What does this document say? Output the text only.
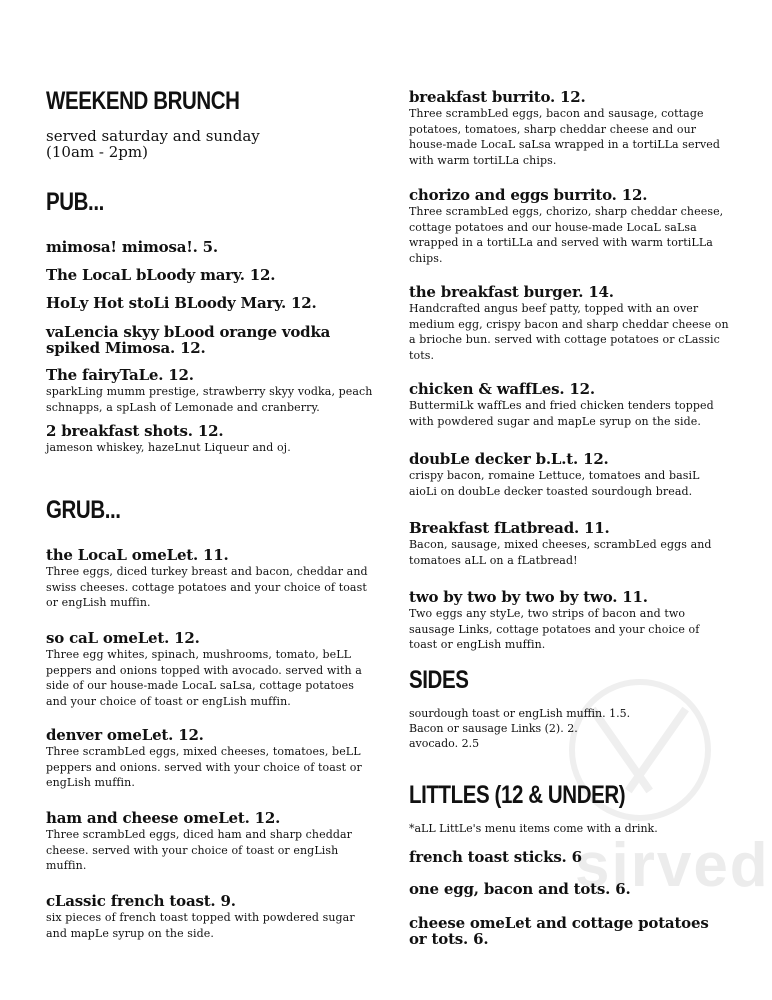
sirved
WEEKEND BRUNCH
served saturday and sunday
(10am - 2pm)
PUB...
mimosa! mimosa!. 5.
The LocaL bLoody mary. 12.
HoLy Hot stoLi BLoody Mary. 12.
vaLencia skyy bLood orange vodka spiked Mimosa. 12.
The fairyTaLe. 12.
sparkLing mumm prestige, strawberry skyy vodka, peach schnapps, a spLash of Lemonade and cranberry.
2 breakfast shots. 12.
jameson whiskey, hazeLnut Liqueur and oj.
GRUB...
the LocaL omeLet. 11.
Three eggs, diced turkey breast and bacon, cheddar and swiss cheeses. cottage potatoes and your choice of toast or engLish muffin.
so caL omeLet. 12.
Three egg whites, spinach, mushrooms, tomato, beLL peppers and onions topped with avocado. served with a side of our house-made LocaL saLsa, cottage potatoes and your choice of toast or engLish muffin.
denver omeLet. 12.
Three scrambLed eggs, mixed cheeses, tomatoes, beLL peppers and onions. served with your choice of toast or engLish muffin.
ham and cheese omeLet. 12.
Three scrambLed eggs, diced ham and sharp cheddar cheese. served with your choice of toast or engLish muffin.
cLassic french toast. 9.
six pieces of french toast topped with powdered sugar and mapLe syrup on the side.
breakfast burrito. 12.
Three scrambLed eggs, bacon and sausage, cottage potatoes, tomatoes, sharp cheddar cheese and our house-made LocaL saLsa wrapped in a tortiLLa served with warm tortiLLa chips.
chorizo and eggs burrito. 12.
Three scrambLed eggs, chorizo, sharp cheddar cheese, cottage potatoes and our house-made LocaL saLsa wrapped in a tortiLLa and served with warm tortiLLa chips.
the breakfast burger. 14.
Handcrafted angus beef patty, topped with an over medium egg, crispy bacon and sharp cheddar cheese on a brioche bun. served with cottage potatoes or cLassic tots.
chicken & waffLes. 12.
ButtermiLk waffLes and fried chicken tenders topped with powdered sugar and mapLe syrup on the side.
doubLe decker b.L.t. 12.
crispy bacon, romaine Lettuce, tomatoes and basiL aioLi on doubLe decker toasted sourdough bread.
Breakfast fLatbread. 11.
Bacon, sausage, mixed cheeses, scrambLed eggs and tomatoes aLL on a fLatbread!
two by two by two by two. 11.
Two eggs any styLe, two strips of bacon and two sausage Links, cottage potatoes and your choice of toast or engLish muffin.
SIDES
sourdough toast or engLish muffin. 1.5.
Bacon or sausage Links (2). 2.
avocado. 2.5
LITTLES (12 & UNDER)
*aLL LittLe's menu items come with a drink.
french toast sticks. 6
one egg, bacon and tots. 6.
cheese omeLet and cottage potatoes or tots. 6.
